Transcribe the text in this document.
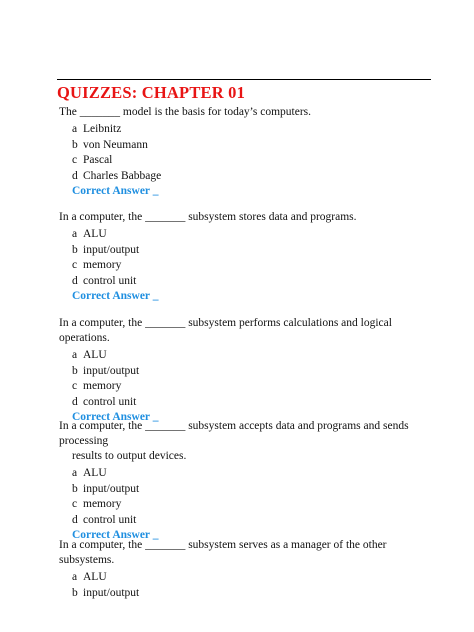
QUIZZES: CHAPTER 01
The _______ model is the basis for today’s computers.
a Leibnitz
b von Neumann
c Pascal
d Charles Babbage
Correct Answer _
In a computer, the _______ subsystem stores data and programs.
a ALU
b input/output
c memory
d control unit
Correct Answer _
In a computer, the _______ subsystem performs calculations and logical operations.
a ALU
b input/output
c memory
d control unit
Correct Answer _
In a computer, the _______ subsystem accepts data and programs and sends processing
results to output devices.
a ALU
b input/output
c memory
d control unit
Correct Answer _
In a computer, the _______ subsystem serves as a manager of the other subsystems.
a ALU
b input/output
